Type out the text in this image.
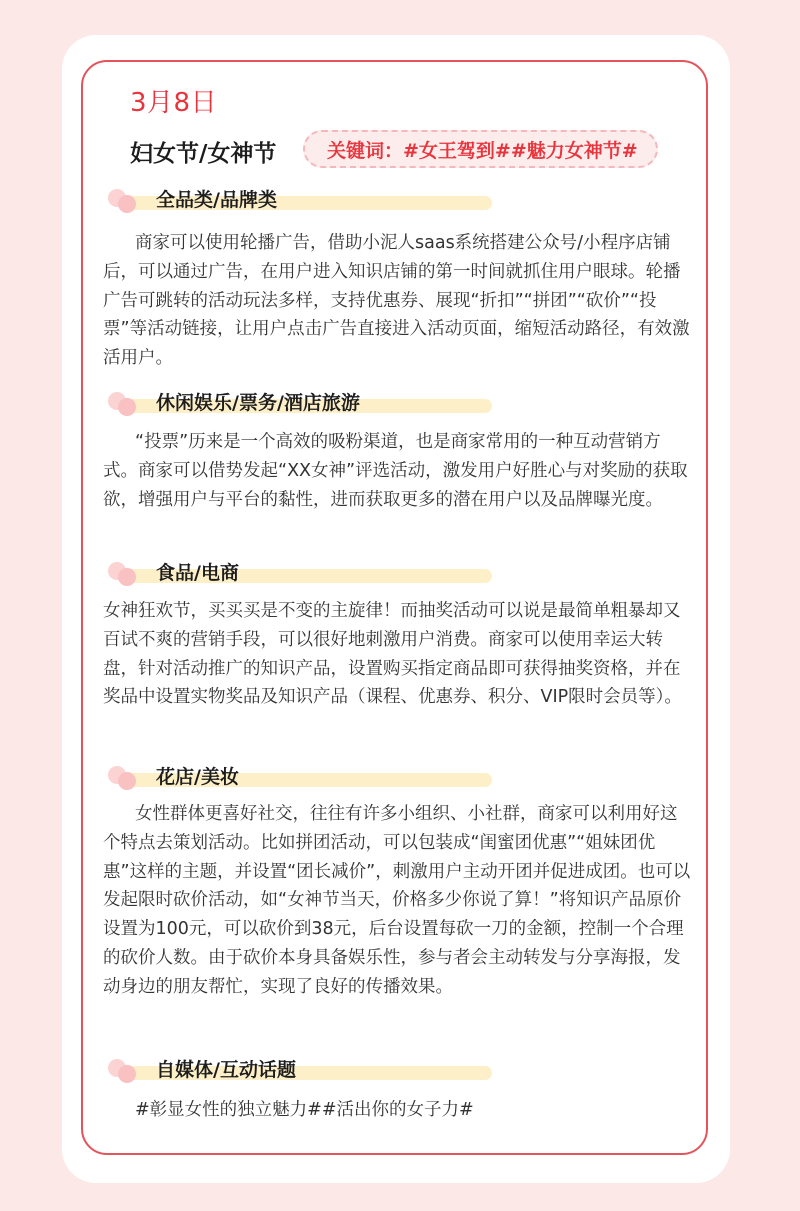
3月8日
妇女节/女神节	关键词：#女王驾到##魅力女神节#
全品类/品牌类

商家可以使用轮播广告，借助小泥人saas系统搭建公众号/小程序店铺后，可以通过广告，在用户进入知识店铺的第一时间就抓住用户眼球。轮播广告可跳转的活动玩法多样，支持优惠券、展现“折扣”“拼团”“砍价”“投票”等活动链接，让用户点击广告直接进入活动页面，缩短活动路径，有效激活用户。

休闲娱乐/票务/酒店旅游

“投票”历来是一个高效的吸粉渠道，也是商家常用的一种互动营销方式。商家可以借势发起“XX女神”评选活动，激发用户好胜心与对奖励的获取欲，增强用户与平台的黏性，进而获取更多的潜在用户以及品牌曝光度。

食品/电商

女神狂欢节，买买买是不变的主旋律！而抽奖活动可以说是最简单粗暴却又百试不爽的营销手段，可以很好地刺激用户消费。商家可以使用幸运大转盘，针对活动推广的知识产品，设置购买指定商品即可获得抽奖资格，并在奖品中设置实物奖品及知识产品（课程、优惠券、积分、VIP限时会员等）。

花店/美妆

女性群体更喜好社交，往往有许多小组织、小社群，商家可以利用好这个特点去策划活动。比如拼团活动，可以包装成“闺蜜团优惠”“姐妹团优惠”这样的主题，并设置“团长减价”，刺激用户主动开团并促进成团。也可以发起限时砍价活动，如“女神节当天，价格多少你说了算！”将知识产品原价设置为100元，可以砍价到38元，后台设置每砍一刀的金额，控制一个合理的砍价人数。由于砍价本身具备娱乐性，参与者会主动转发与分享海报，发动身边的朋友帮忙，实现了良好的传播效果。

自媒体/互动话题

#彰显女性的独立魅力##活出你的女子力#
